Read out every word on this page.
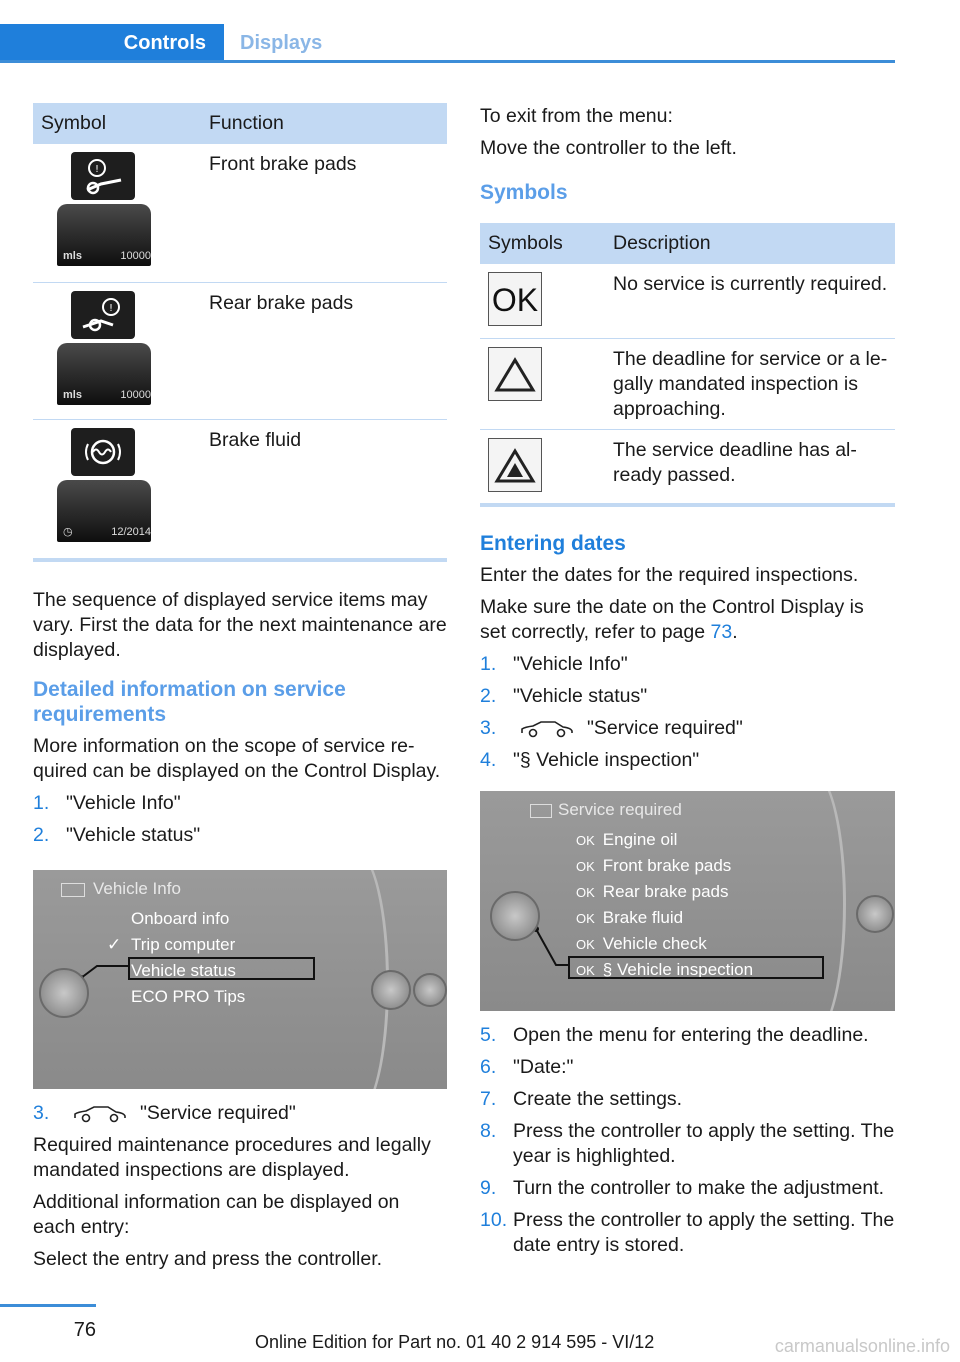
Controls	Displays
Symbol	Function

!
mls 10000	Front brake pads

!
mls 10000	Rear brake pads

◷ 12/2014	Brake fluid

The sequence of displayed service items may vary. First the data for the next maintenance are displayed.

Detailed information on service requirements

More information on the scope of service re‐quired can be displayed on the Control Display.

1. "Vehicle Info"
2. "Vehicle status"
Vehicle Info
Onboard info
✓ Trip computer
Vehicle status
ECO PRO Tips
3.	"Service required"

Required maintenance procedures and legally mandated inspections are displayed.

Additional information can be displayed on each entry:

Select the entry and press the controller.

To exit from the menu:

Move the controller to the left.

Symbols
Symbols	Description

OK	No service is currently required.

	The deadline for service or a le‐gally mandated inspection is approaching.

	The service deadline has al‐ready passed.
Entering dates

Enter the dates for the required inspections.

Make sure the date on the Control Display is set correctly, refer to page 73.

1. "Vehicle Info"
2. "Vehicle status"
3.	"Service required"
4. "§ Vehicle inspection"
Service required
OK Engine oil
OK Front brake pads
OK Rear brake pads
OK Brake fluid
OK Vehicle check
OK § Vehicle inspection
5. Open the menu for entering the deadline.
6. "Date:"
7. Create the settings.
8. Press the controller to apply the setting. The year is highlighted.
9. Turn the controller to make the adjustment.
10. Press the controller to apply the setting. The date entry is stored.
76
Online Edition for Part no. 01 40 2 914 595 - VI/12	carmanualsonline.info
